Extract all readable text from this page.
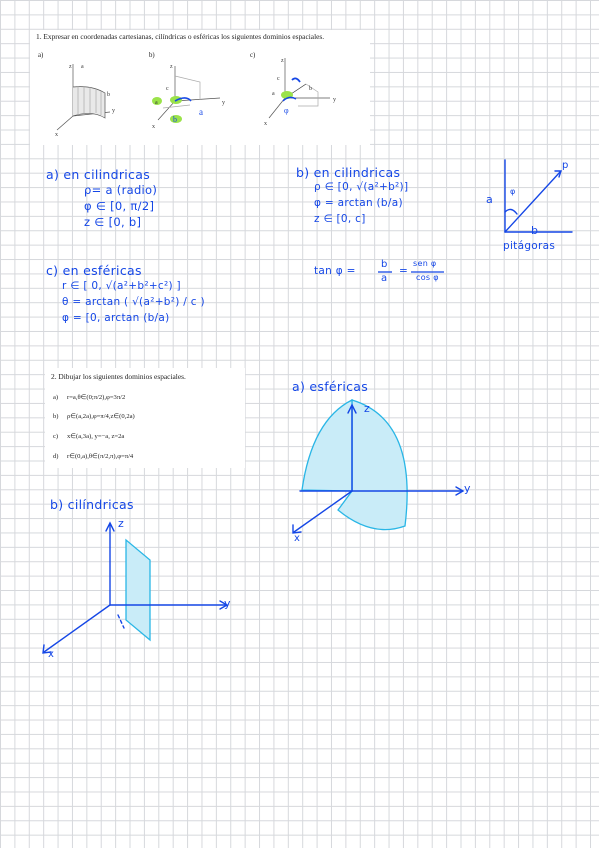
1. Expresar en coordenadas cartesianas, cilíndricas o esféricas los siguientes dominios espaciales.
a)	b)	c)
z a
b
y
x
z
c
y
x
a
b
a
z
c
a
b
y
x
φ
a) en cilindricas
ρ= a (radio)
φ ∈ [0, π/2]
z ∈ [0, b]
b) en cilindricas
ρ ∈ [0, √(a²+b²)]
φ = arctan (b/a)
z ∈ [0, c]
c) en esféricas
r ∈ [ 0, √(a²+b²+c²) ]
θ = arctan ( √(a²+b²) / c )
φ = [0, arctan (b/a)
tan φ =
b
a
=
sen φ
cos φ
a
b
p
φ
pitágoras
2. Dibujar los siguientes dominios espaciales.
a) r=a,θ∈(0;π/2),φ=3π/2
b) ρ∈(a,2a),φ=π/4,z∈(0,2a)
c) x∈(a,3a), y=−a, z=2a
d) r∈(0,a),θ∈(π/2,π),φ=π/4
a) esféricas
z
y
x
b) cilíndricas
z
y
x
